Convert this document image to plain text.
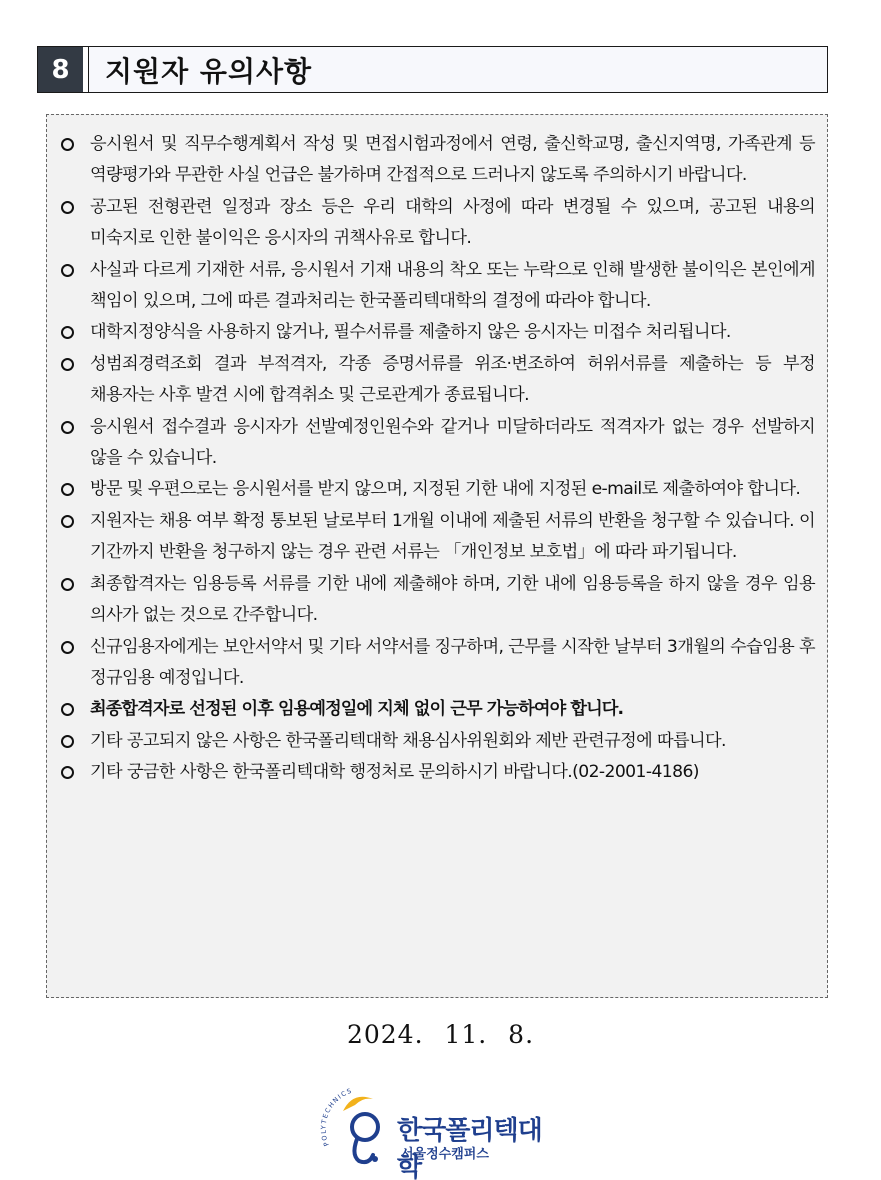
8	지원자 유의사항
응시원서 및 직무수행계획서 작성 및 면접시험과정에서 연령, 출신학교명, 출신지역명, 가족관계 등 역량평가와 무관한 사실 언급은 불가하며 간접적으로 드러나지 않도록 주의하시기 바랍니다.
공고된 전형관련 일정과 장소 등은 우리 대학의 사정에 따라 변경될 수 있으며, 공고된 내용의 미숙지로 인한 불이익은 응시자의 귀책사유로 합니다.
사실과 다르게 기재한 서류, 응시원서 기재 내용의 착오 또는 누락으로 인해 발생한 불이익은 본인에게 책임이 있으며, 그에 따른 결과처리는 한국폴리텍대학의 결정에 따라야 합니다.
대학지정양식을 사용하지 않거나, 필수서류를 제출하지 않은 응시자는 미접수 처리됩니다.
성범죄경력조회 결과 부적격자, 각종 증명서류를 위조·변조하여 허위서류를 제출하는 등 부정 채용자는 사후 발견 시에 합격취소 및 근로관계가 종료됩니다.
응시원서 접수결과 응시자가 선발예정인원수와 같거나 미달하더라도 적격자가 없는 경우 선발하지 않을 수 있습니다.
방문 및 우편으로는 응시원서를 받지 않으며, 지정된 기한 내에 지정된 e-mail로 제출하여야 합니다.
지원자는 채용 여부 확정 통보된 날로부터 1개월 이내에 제출된 서류의 반환을 청구할 수 있습니다. 이 기간까지 반환을 청구하지 않는 경우 관련 서류는 「개인정보 보호법」에 따라 파기됩니다.
최종합격자는 임용등록 서류를 기한 내에 제출해야 하며, 기한 내에 임용등록을 하지 않을 경우 임용 의사가 없는 것으로 간주합니다.
신규임용자에게는 보안서약서 및 기타 서약서를 징구하며, 근무를 시작한 날부터 3개월의 수습임용 후 정규임용 예정입니다.
최종합격자로 선정된 이후 임용예정일에 지체 없이 근무 가능하여야 합니다.
기타 공고되지 않은 사항은 한국폴리텍대학 채용심사위원회와 제반 관련규정에 따릅니다.
기타 궁금한 사항은 한국폴리텍대학 행정처로 문의하시기 바랍니다.(02-2001-4186)
2024. 11. 8.
POLYTECHNICS
한국폴리텍대학
서울정수캠퍼스
